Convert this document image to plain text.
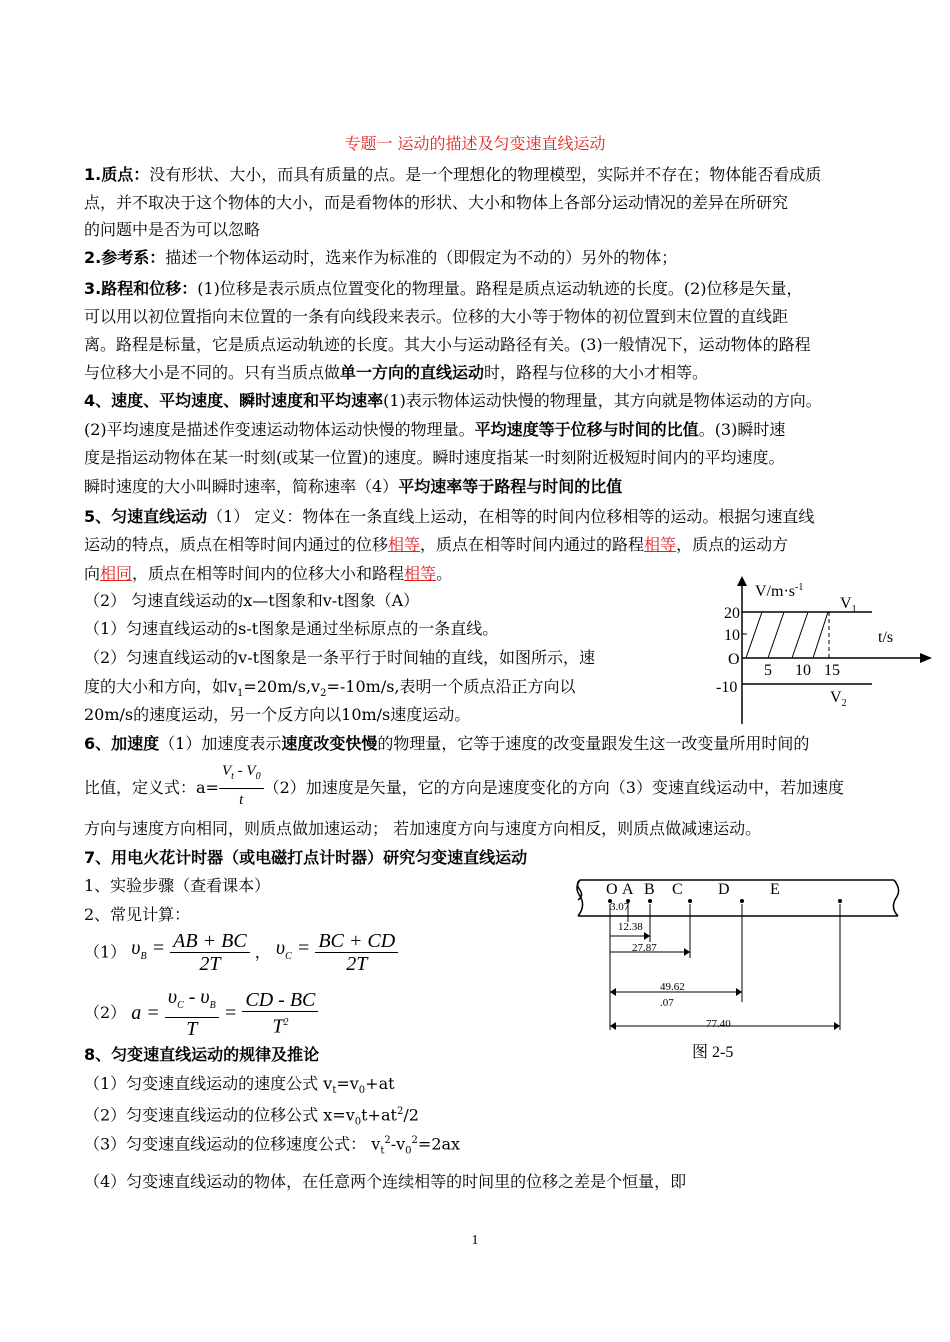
专题一 运动的描述及匀变速直线运动
1.质点：没有形状、大小，而具有质量的点。是一个理想化的物理模型，实际并不存在；物体能否看成质
点，并不取决于这个物体的大小，而是看物体的形状、大小和物体上各部分运动情况的差异在所研究
的问题中是否为可以忽略
2.参考系：描述一个物体运动时，选来作为标准的（即假定为不动的）另外的物体；
3.路程和位移：(1)位移是表示质点位置变化的物理量。路程是质点运动轨迹的长度。(2)位移是矢量，
可以用以初位置指向末位置的一条有向线段来表示。位移的大小等于物体的初位置到末位置的直线距
离。路程是标量，它是质点运动轨迹的长度。其大小与运动路径有关。(3)一般情况下，运动物体的路程
与位移大小是不同的。只有当质点做单一方向的直线运动时，路程与位移的大小才相等。
4、速度、平均速度、瞬时速度和平均速率(1)表示物体运动快慢的物理量，其方向就是物体运动的方向。
(2)平均速度是描述作变速运动物体运动快慢的物理量。平均速度等于位移与时间的比值。(3)瞬时速
度是指运动物体在某一时刻(或某一位置)的速度。瞬时速度指某一时刻附近极短时间内的平均速度。
瞬时速度的大小叫瞬时速率，简称速率（4）平均速率等于路程与时间的比值
5、匀速直线运动（1） 定义：物体在一条直线上运动，在相等的时间内位移相等的运动。根据匀速直线
运动的特点，质点在相等时间内通过的位移相等，质点在相等时间内通过的路程相等，质点的运动方
向相同，质点在相等时间内的位移大小和路程相等。
（2） 匀速直线运动的x—t图象和v-t图象（A）
（1）匀速直线运动的s-t图象是通过坐标原点的一条直线。
（2）匀速直线运动的v-t图象是一条平行于时间轴的直线，如图所示，速
度的大小和方向，如$v_1=20m/s,v_2=-10m/s$,表明一个质点沿正方向以
20m/s的速度运动，另一个反方向以10m/s速度运动。
$V/m\cdot s^{-1}$
20
10
O
-10
5 10 15
t/s
$V_1$
$V_2$
6、加速度（1）加速度表示速度改变快慢的物理量，它等于速度的改变量跟发生这一改变量所用时间的
比值，定义式：$a= \frac{V_t - V_0}{t} (2)$加速度是矢量，它的方向是速度变化的方向（3）变速直线运动中，若加速度
方向与速度方向相同，则质点做加速运动； 若加速度方向与速度方向相反，则质点做减速运动。
7、用电火花计时器（或电磁打点计时器）研究匀变速直线运动
1、实验步骤（查看课本）
2、常见计算：
（1） $\upsilon_B = \frac{AB + BC}{2T}$ ， $\upsilon_C = \frac{BC + CD}{2T}$
（2） $a = \frac{\upsilon_C - \upsilon_B}{T} = \frac{CD - BC}{T^2}$
O A B C D	E
3.07
12.38
27.87
49.62
.07
77.40
图 2-5
8、匀变速直线运动的规律及推论
（1）匀变速直线运动的速度公式 $v_t=v_0+at$
（2）匀变速直线运动的位移公式 $x=v_0t+at^2/2$
（3）匀变速直线运动的位移速度公式： $v_t^2-v_0^2=2ax$
（4）匀变速直线运动的物体，在任意两个连续相等的时间里的位移之差是个恒量，即
1
